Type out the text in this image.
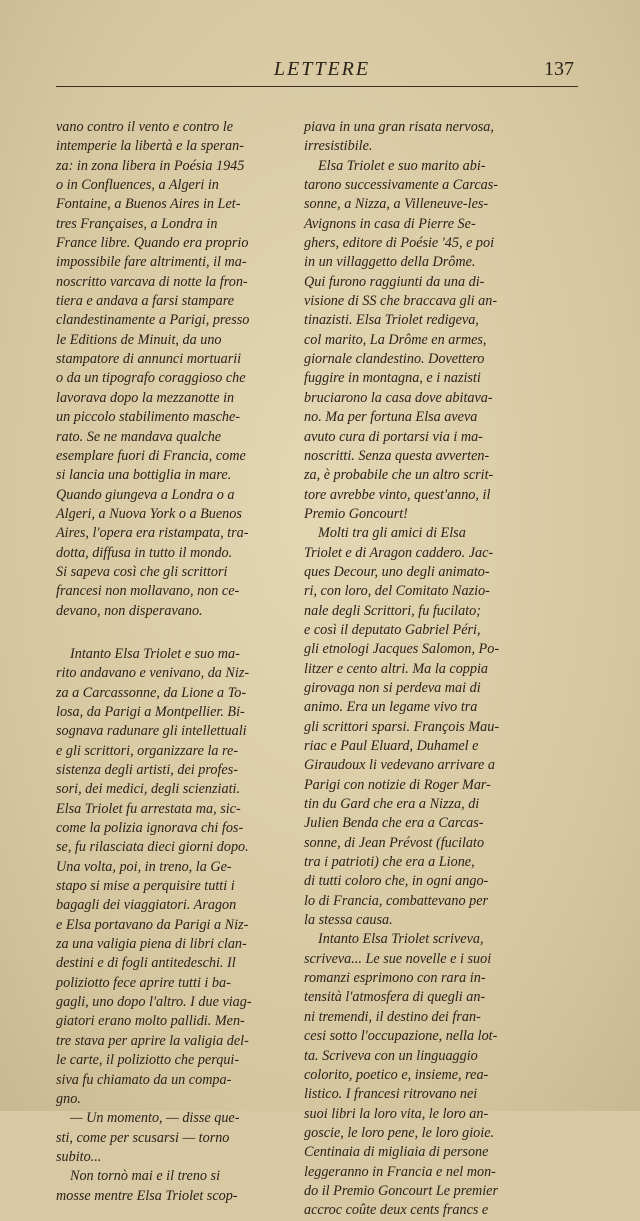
LETTERE	137
vano contro il vento e contro le
intemperie la libertà e la speran-
za: in zona libera in Poésia 1945
o in Confluences, a Algeri in
Fontaine, a Buenos Aires in Let-
tres Françaises, a Londra in
France libre. Quando era proprio
impossibile fare altrimenti, il ma-
noscritto varcava di notte la fron-
tiera e andava a farsi stampare
clandestinamente a Parigi, presso
le Editions de Minuit, da uno
stampatore di annunci mortuarii
o da un tipografo coraggioso che
lavorava dopo la mezzanotte in
un piccolo stabilimento masche-
rato. Se ne mandava qualche
esemplare fuori di Francia, come
si lancia una bottiglia in mare.
Quando giungeva a Londra o a
Algeri, a Nuova York o a Buenos
Aires, l'opera era ristampata, tra-
dotta, diffusa in tutto il mondo.
Si sapeva così che gli scrittori
francesi non mollavano, non ce-
devano, non disperavano.
Intanto Elsa Triolet e suo ma-
rito andavano e venivano, da Niz-
za a Carcassonne, da Lione a To-
losa, da Parigi a Montpellier. Bi-
sognava radunare gli intellettuali
e gli scrittori, organizzare la re-
sistenza degli artisti, dei profes-
sori, dei medici, degli scienziati.
Elsa Triolet fu arrestata ma, sic-
come la polizia ignorava chi fos-
se, fu rilasciata dieci giorni dopo.
Una volta, poi, in treno, la Ge-
stapo si mise a perquisire tutti i
bagagli dei viaggiatori. Aragon
e Elsa portavano da Parigi a Niz-
za una valigia piena di libri clan-
destini e di fogli antitedeschi. Il
poliziotto fece aprire tutti i ba-
gagli, uno dopo l'altro. I due viag-
giatori erano molto pallidi. Men-
tre stava per aprire la valigia del-
le carte, il poliziotto che perqui-
siva fu chiamato da un compa-
gno.
— Un momento, — disse que-
sti, come per scusarsi — torno
subito...
Non tornò mai e il treno si
mosse mentre Elsa Triolet scop-
piava in una gran risata nervosa,
irresistibile.
Elsa Triolet e suo marito abi-
tarono successivamente a Carcas-
sonne, a Nizza, a Villeneuve-les-
Avignons in casa di Pierre Se-
ghers, editore di Poésie '45, e poi
in un villaggetto della Drôme.
Qui furono raggiunti da una di-
visione di SS che braccava gli an-
tinazisti. Elsa Triolet redigeva,
col marito, La Drôme en armes,
giornale clandestino. Dovettero
fuggire in montagna, e i nazisti
bruciarono la casa dove abitava-
no. Ma per fortuna Elsa aveva
avuto cura di portarsi via i ma-
noscritti. Senza questa avverten-
za, è probabile che un altro scrit-
tore avrebbe vinto, quest'anno, il
Premio Goncourt!
Molti tra gli amici di Elsa
Triolet e di Aragon caddero. Jac-
ques Decour, uno degli animato-
ri, con loro, del Comitato Nazio-
nale degli Scrittori, fu fucilato;
e così il deputato Gabriel Péri,
gli etnologi Jacques Salomon, Po-
litzer e cento altri. Ma la coppia
girovaga non si perdeva mai di
animo. Era un legame vivo tra
gli scrittori sparsi. François Mau-
riac e Paul Eluard, Duhamel e
Giraudoux li vedevano arrivare a
Parigi con notizie di Roger Mar-
tin du Gard che era a Nizza, di
Julien Benda che era a Carcas-
sonne, di Jean Prévost (fucilato
tra i patrioti) che era a Lione,
di tutti coloro che, in ogni ango-
lo di Francia, combattevano per
la stessa causa.
Intanto Elsa Triolet scriveva,
scriveva... Le sue novelle e i suoi
romanzi esprimono con rara in-
tensità l'atmosfera di quegli an-
ni tremendi, il destino dei fran-
cesi sotto l'occupazione, nella lot-
ta. Scriveva con un linguaggio
colorito, poetico e, insieme, rea-
listico. I francesi ritrovano nei
suoi libri la loro vita, le loro an-
goscie, le loro pene, le loro gioie.
Centinaia di migliaia di persone
leggeranno in Francia e nel mon-
do il Premio Goncourt Le premier
accroc coûte deux cents francs e
